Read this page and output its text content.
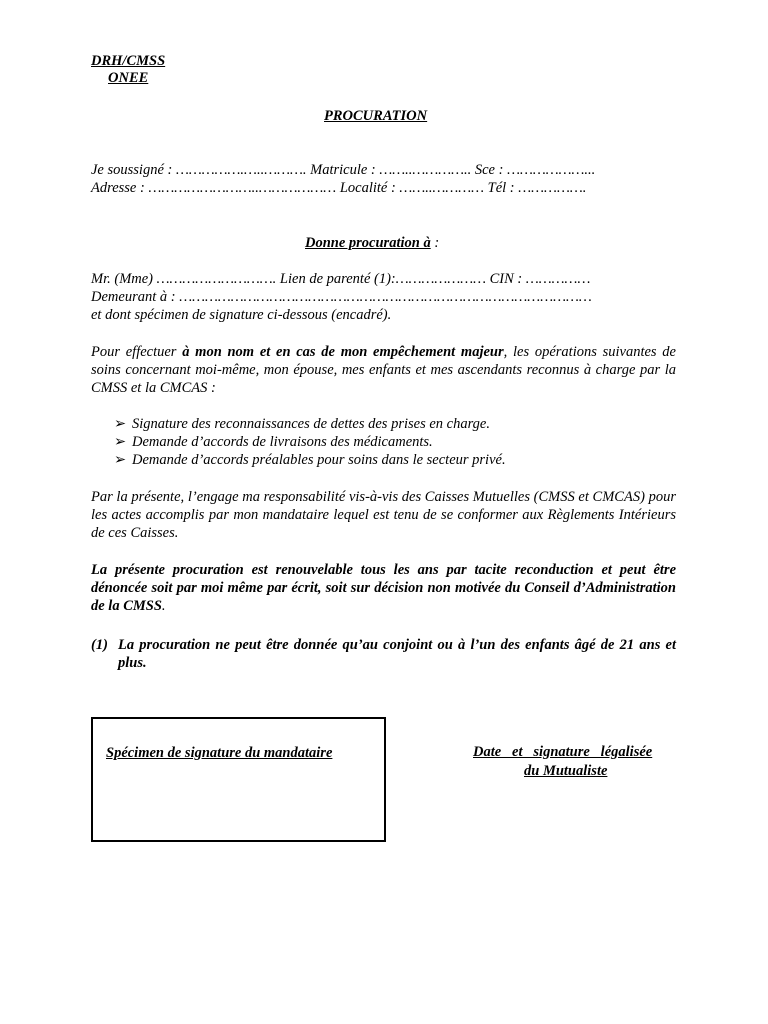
DRH/CMSS
ONEE
PROCURATION
Je soussigné : …………….…..………. Matricule : ……..………….. Sce : ………………...
Adresse : ……………………..……………… Localité : ……..………… Tél : …………….
Donne procuration à :
Mr. (Mme) ………………………. Lien de parenté (1):………………… CIN : ……………
Demeurant à : ……………………………………………………………………………………
et dont spécimen de signature ci-dessous (encadré).
Pour effectuer à mon nom et en cas de mon empêchement majeur, les opérations suivantes de soins concernant moi-même, mon épouse, mes enfants et mes ascendants reconnus à charge par la CMSS et la CMCAS :
➢ Signature des reconnaissances de dettes des prises en charge.
➢ Demande d’accords de livraisons des médicaments.
➢ Demande d’accords préalables pour soins dans le secteur privé.
Par la présente, l’engage ma responsabilité vis-à-vis des Caisses Mutuelles (CMSS et CMCAS) pour les actes accomplis par mon mandataire lequel est tenu de se conformer aux Règlements Intérieurs de ces Caisses.
La présente procuration est renouvelable tous les ans par tacite reconduction et peut être dénoncée soit par moi même par écrit, soit sur décision non motivée du Conseil d’Administration de la CMSS.
(1) La procuration ne peut être donnée qu’au conjoint ou à l’un des enfants âgé de 21 ans et plus.
Spécimen de signature du mandataire	Date   et   signature   légalisée
du Mutualiste
